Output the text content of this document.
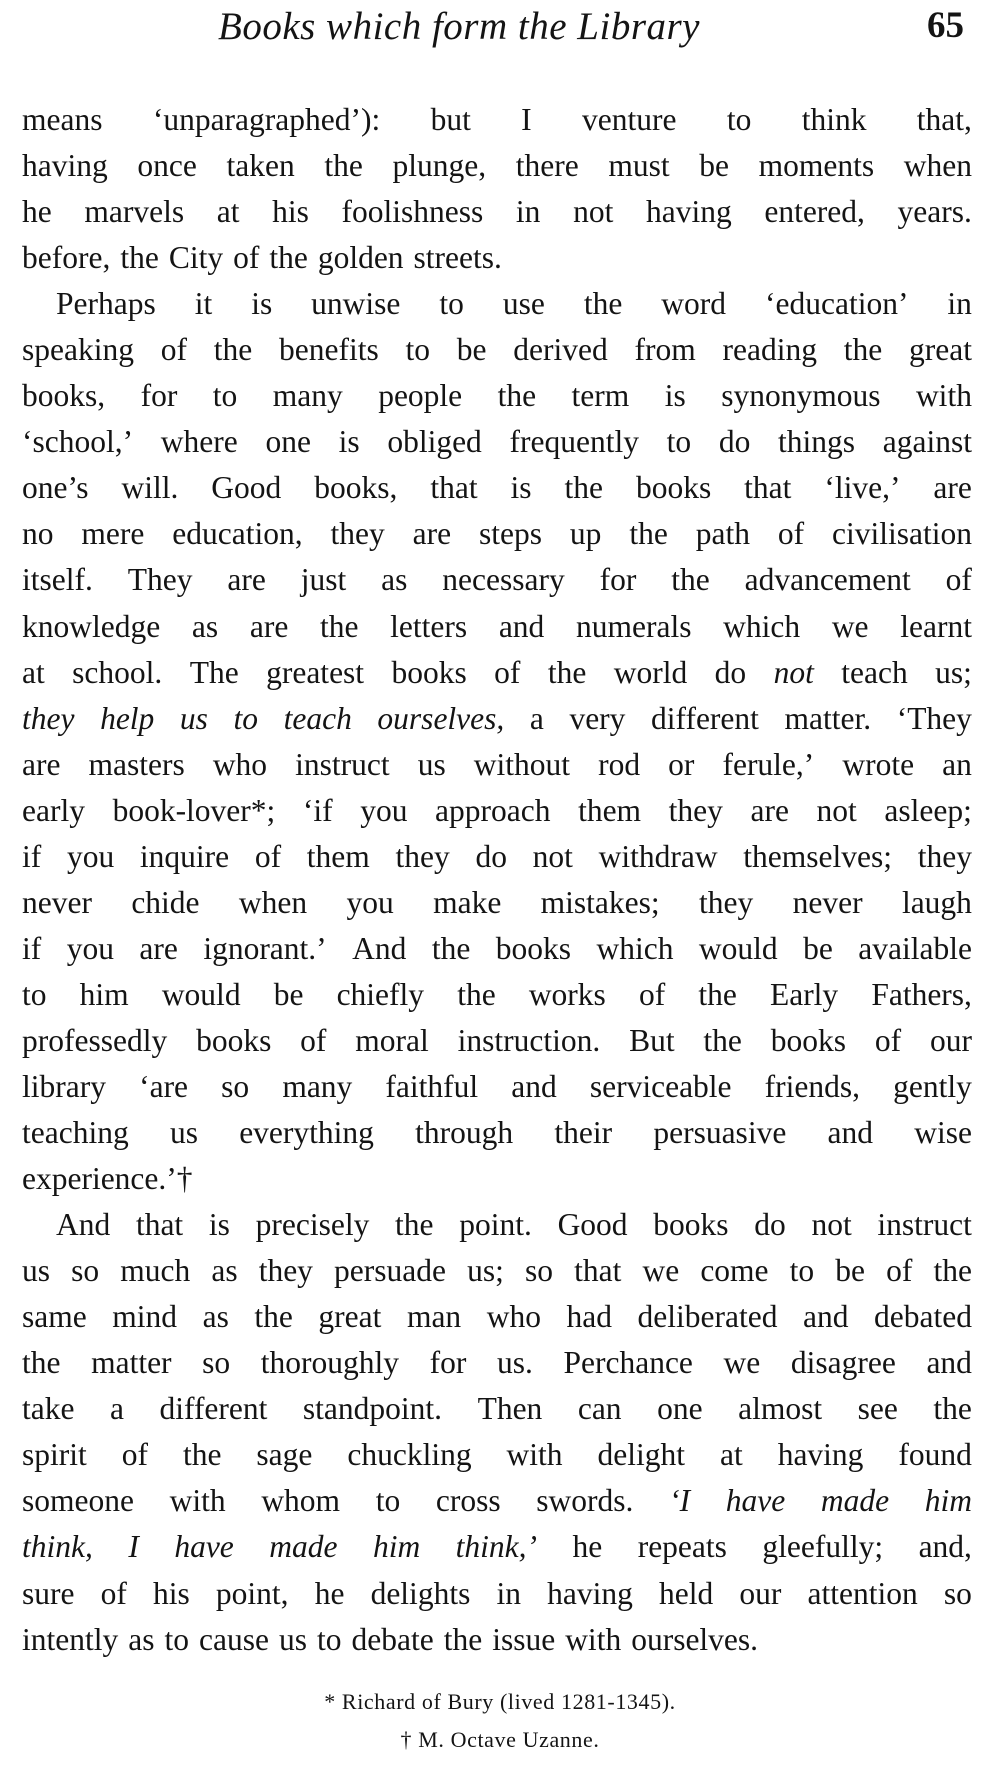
Books which form the Library	65
means ‘unparagraphed’): but I venture to think that,
having once taken the plunge, there must be moments when
he marvels at his foolishness in not having entered, years.
before, the City of the golden streets.
Perhaps it is unwise to use the word ‘education’ in
speaking of the benefits to be derived from reading the great
books, for to many people the term is synonymous with
‘school,’ where one is obliged frequently to do things against
one’s will. Good books, that is the books that ‘live,’ are
no mere education, they are steps up the path of civilisation
itself. They are just as necessary for the advancement of
knowledge as are the letters and numerals which we learnt
at school. The greatest books of the world do not teach us;
they help us to teach ourselves, a very different matter. ‘They
are masters who instruct us without rod or ferule,’ wrote an
early book-lover*; ‘if you approach them they are not asleep;
if you inquire of them they do not withdraw themselves; they
never chide when you make mistakes; they never laugh
if you are ignorant.’ And the books which would be available
to him would be chiefly the works of the Early Fathers,
professedly books of moral instruction. But the books of our
library ‘are so many faithful and serviceable friends, gently
teaching us everything through their persuasive and wise
experience.’†
And that is precisely the point. Good books do not instruct
us so much as they persuade us; so that we come to be of the
same mind as the great man who had deliberated and debated
the matter so thoroughly for us. Perchance we disagree and
take a different standpoint. Then can one almost see the
spirit of the sage chuckling with delight at having found
someone with whom to cross swords. ‘I have made him
think, I have made him think,’ he repeats gleefully; and,
sure of his point, he delights in having held our attention so
intently as to cause us to debate the issue with ourselves.
* Richard of Bury (lived 1281-1345).
† M. Octave Uzanne.
